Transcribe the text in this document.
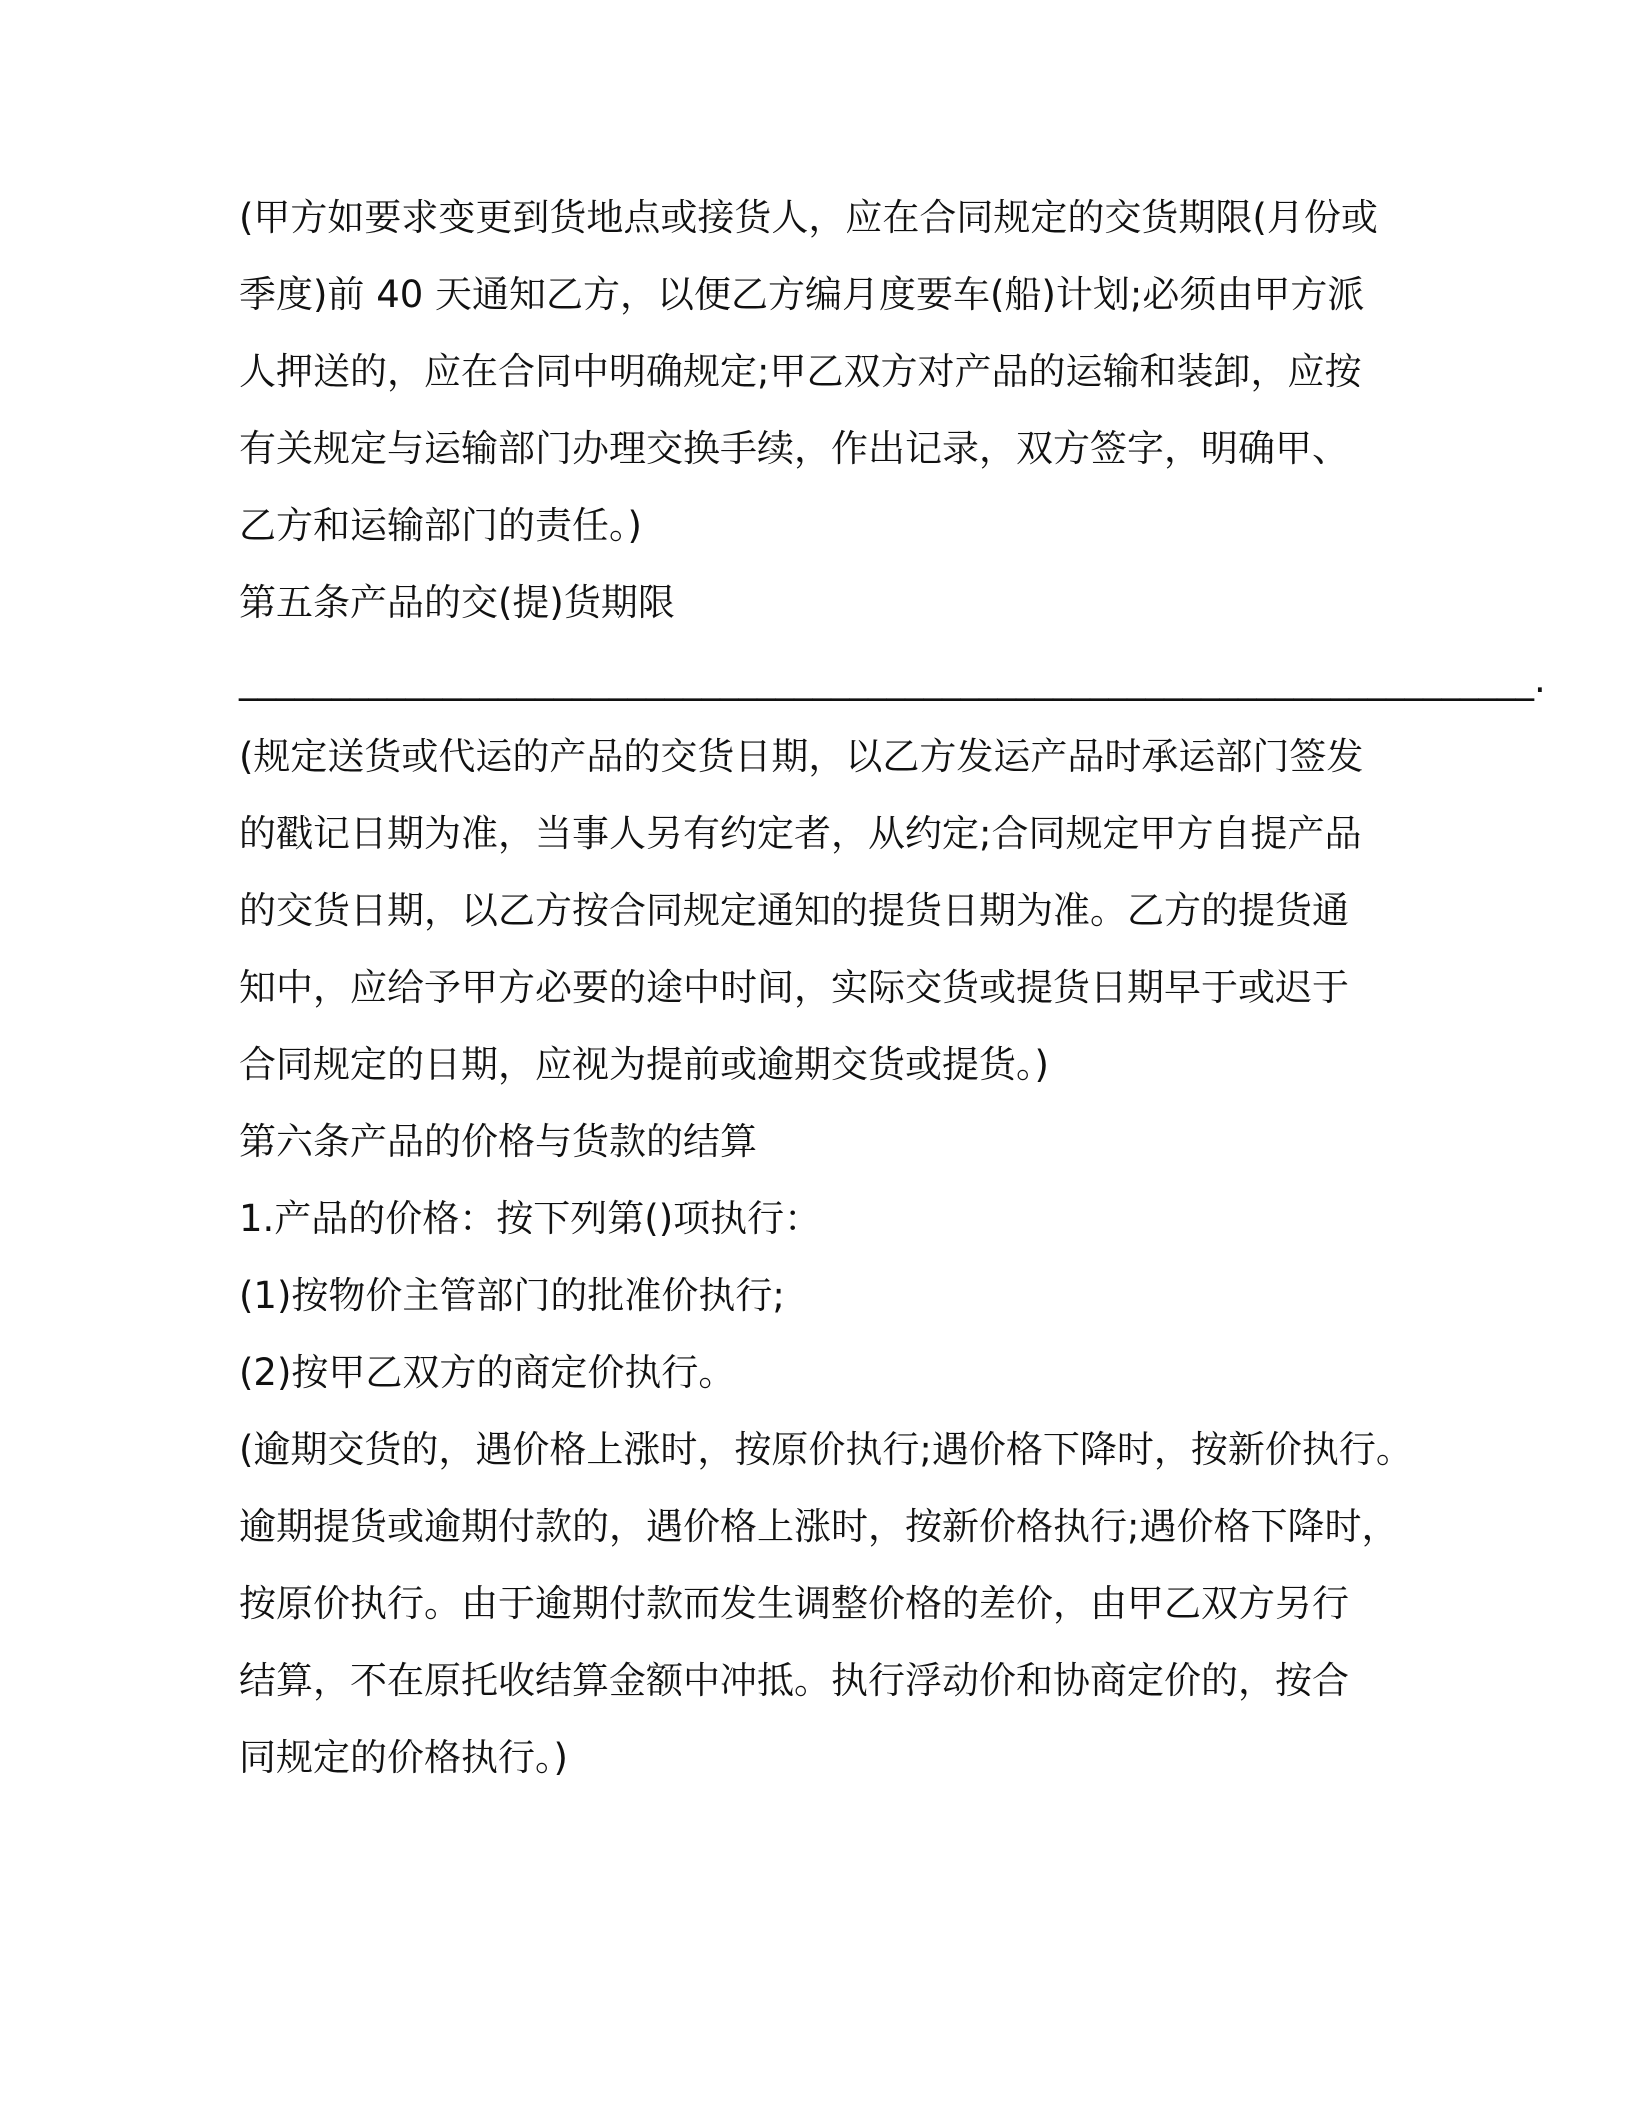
(甲方如要求变更到货地点或接货人，应在合同规定的交货期限(月份或
季度)前 40 天通知乙方，以便乙方编月度要车(船)计划;必须由甲方派
人押送的，应在合同中明确规定;甲乙双方对产品的运输和装卸，应按
有关规定与运输部门办理交换手续，作出记录，双方签字，明确甲、
乙方和运输部门的责任。)
第五条产品的交(提)货期限
______________________________________________________________________.
(规定送货或代运的产品的交货日期，以乙方发运产品时承运部门签发
的戳记日期为准，当事人另有约定者，从约定;合同规定甲方自提产品
的交货日期，以乙方按合同规定通知的提货日期为准。乙方的提货通
知中，应给予甲方必要的途中时间，实际交货或提货日期早于或迟于
合同规定的日期，应视为提前或逾期交货或提货。)
第六条产品的价格与货款的结算
1.产品的价格：按下列第()项执行：
(1)按物价主管部门的批准价执行;
(2)按甲乙双方的商定价执行。
(逾期交货的，遇价格上涨时，按原价执行;遇价格下降时，按新价执行。
逾期提货或逾期付款的，遇价格上涨时，按新价格执行;遇价格下降时，
按原价执行。由于逾期付款而发生调整价格的差价，由甲乙双方另行
结算，不在原托收结算金额中冲抵。执行浮动价和协商定价的，按合
同规定的价格执行。)
